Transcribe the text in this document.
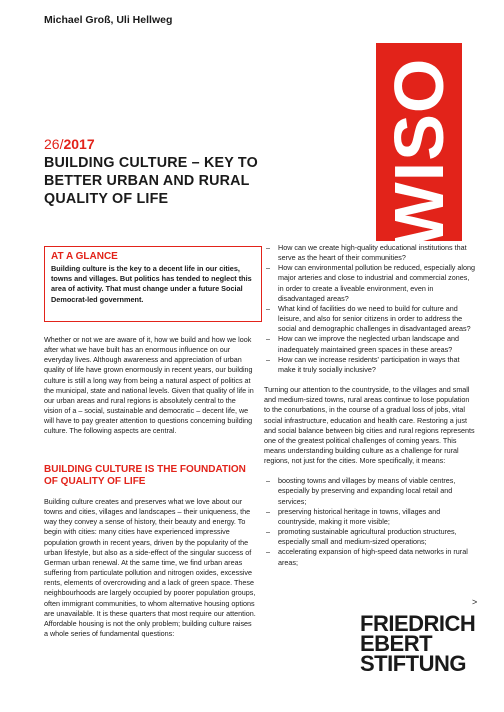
Michael Groß, Uli Hellweg
WISO DIREKT
26/2017
BUILDING CULTURE – KEY TO BETTER URBAN AND RURAL QUALITY OF LIFE
AT A GLANCE

Building culture is the key to a decent life in our cities, towns and villages. But politics has tended to neglect this area of activity. That must change under a future Social Democrat-led government.

Whether or not we are aware of it, how we build and how we look after what we have built has an enormous influence on our everyday lives. Although awareness and appreciation of urban quality of life have grown enormously in recent years, our building culture is still a long way from being a natural aspect of politics at the municipal, state and national levels. Given that quality of life in our urban areas and rural regions is absolutely central to the vision of a – social, sustainable and democratic – decent life, we will have to pay greater attention to questions concerning building culture. The following aspects are central.

BUILDING CULTURE IS THE FOUNDATION OF QUALITY OF LIFE

Building culture creates and preserves what we love about our towns and cities, villages and landscapes – their uniqueness, the way they convey a sense of history, their beauty and energy. To begin with cities: many cities have experienced impressive population growth in recent years, driven by the popularity of the urban lifestyle, but also as a side-effect of the singular success of German urban renewal. At the same time, we find urban areas suffering from particulate pollution and nitrogen oxides, excessive rents, elements of overcrowding and a lack of green space. These neighbourhoods are largely occupied by poorer population groups, often immigrant communities, to whom alternative housing options are unavailable. It is these quarters that most require our attention. Affordable housing is not the only problem; building culture raises a whole series of fundamental questions:

– How can we create high-quality educational institutions that serve as the heart of their communities?
– How can environmental pollution be reduced, especially along major arteries and close to industrial and commercial zones, in order to create a liveable environment, even in disadvantaged areas?
– What kind of facilities do we need to build for culture and leisure, and also for senior citizens in order to address the social and demographic challenges in disadvantaged areas?
– How can we improve the neglected urban landscape and inadequately maintained green spaces in these areas?
– How can we increase residents' participation in ways that make it truly socially inclusive?

Turning our attention to the countryside, to the villages and small and medium-sized towns, rural areas continue to lose population to the conurbations, in the course of a gradual loss of jobs, vital social infrastructure, education and health care. Restoring a just and social balance between big cities and rural regions represents one of the greatest political challenges of coming years. This means understanding building culture as a challenge for rural regions, not just for the cities. More specifically, it means:

– boosting towns and villages by means of viable centres, especially by preserving and expanding local retail and services;
– preserving historical heritage in towns, villages and countryside, making it more visible;
– promoting sustainable agricultural production structures, especially small and medium-sized operations;
– accelerating expansion of high-speed data networks in rural areas;
>
FRIEDRICH
EBERT
STIFTUNG
